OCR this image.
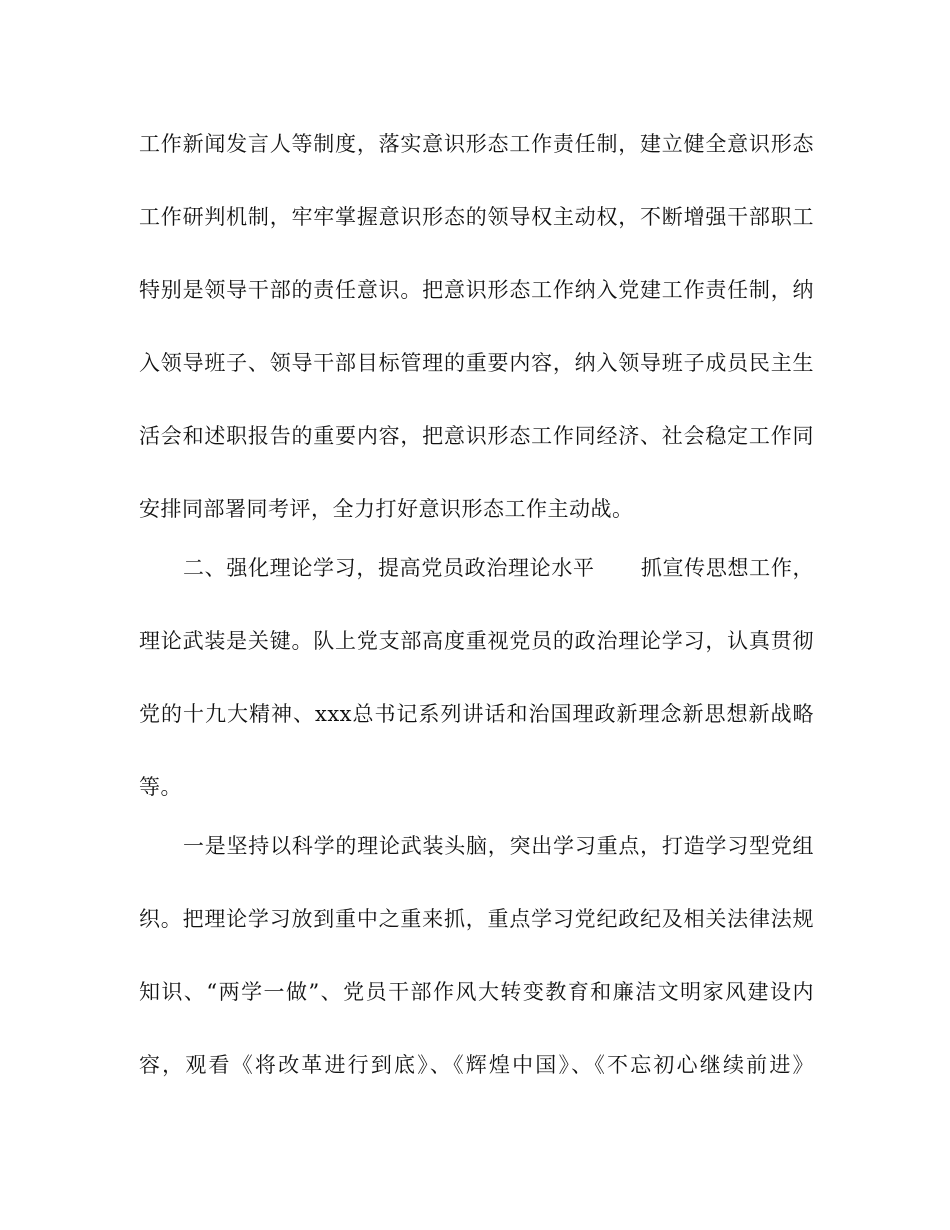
工作新闻发言人等制度，落实意识形态工作责任制，建立健全意识形态
工作研判机制，牢牢掌握意识形态的领导权主动权，不断增强干部职工
特别是领导干部的责任意识。把意识形态工作纳入党建工作责任制，纳
入领导班子、领导干部目标管理的重要内容，纳入领导班子成员民主生
活会和述职报告的重要内容，把意识形态工作同经济、社会稳定工作同
安排同部署同考评，全力打好意识形态工作主动战。
二、强化理论学习，提高党员政治理论水平 抓宣传思想工作，
理论武装是关键。队上党支部高度重视党员的政治理论学习，认真贯彻
党的十九大精神、xxx总书记系列讲话和治国理政新理念新思想新战略
等。
一是坚持以科学的理论武装头脑，突出学习重点，打造学习型党组
织。把理论学习放到重中之重来抓，重点学习党纪政纪及相关法律法规
知识、“两学一做”、党员干部作风大转变教育和廉洁文明家风建设内
容，观看《将改革进行到底》、《辉煌中国》、《不忘初心继续前进》
